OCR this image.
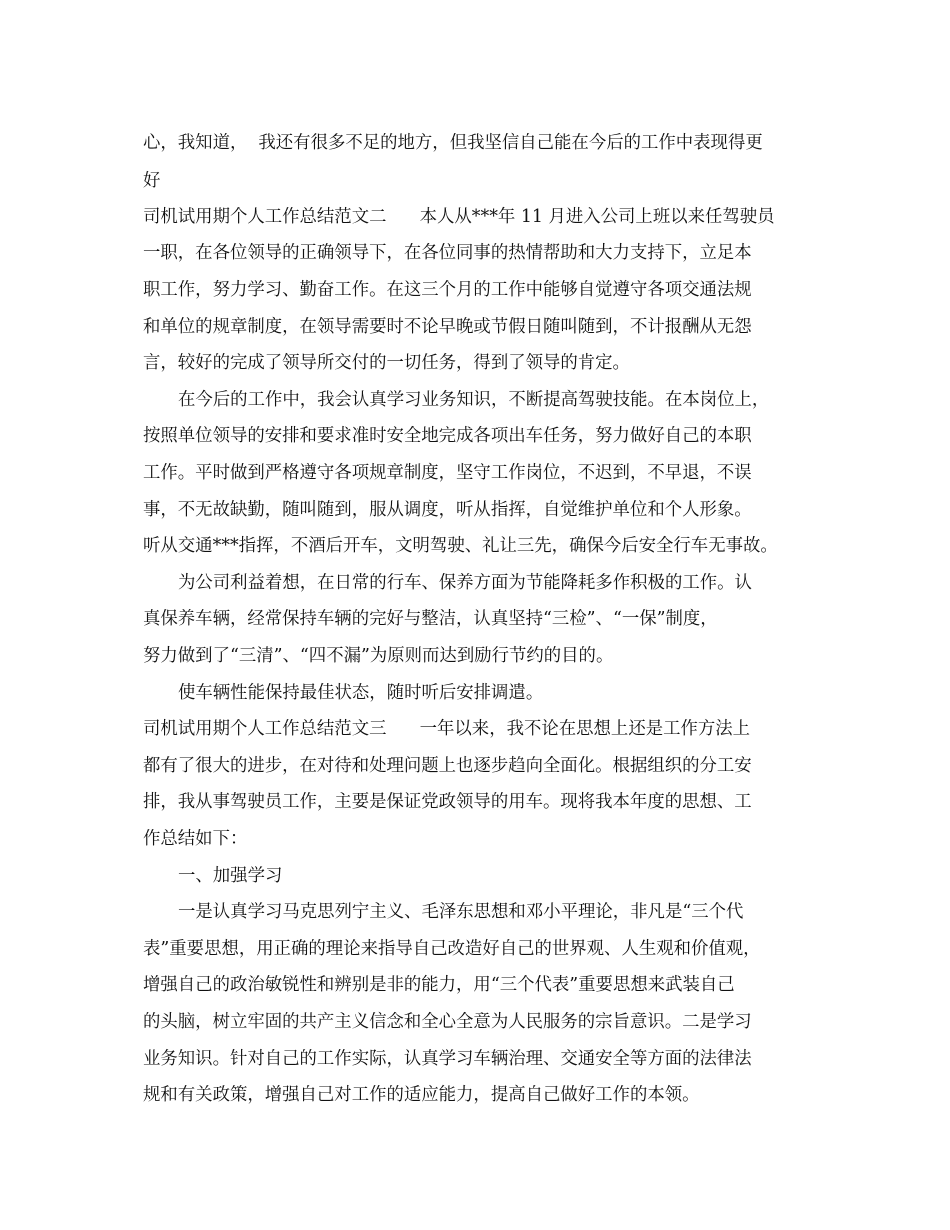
心，我知道，  我还有很多不足的地方，但我坚信自己能在今后的工作中表现得更
好
司机试用期个人工作总结范文二      本人从***年 11 月进入公司上班以来任驾驶员
一职，在各位领导的正确领导下，在各位同事的热情帮助和大力支持下，立足本
职工作，努力学习、勤奋工作。在这三个月的工作中能够自觉遵守各项交通法规
和单位的规章制度，在领导需要时不论早晚或节假日随叫随到，不计报酬从无怨
言，较好的完成了领导所交付的一切任务，得到了领导的肯定。
在今后的工作中，我会认真学习业务知识，不断提高驾驶技能。在本岗位上，
按照单位领导的安排和要求准时安全地完成各项出车任务，努力做好自己的本职
工作。平时做到严格遵守各项规章制度，坚守工作岗位，不迟到，不早退，不误
事，不无故缺勤，随叫随到，服从调度，听从指挥，自觉维护单位和个人形象。
听从交通***指挥，不酒后开车，文明驾驶、礼让三先，确保今后安全行车无事故。
为公司利益着想，在日常的行车、保养方面为节能降耗多作积极的工作。认
真保养车辆，经常保持车辆的完好与整洁，认真坚持“三检”、“一保”制度，
努力做到了“三清”、“四不漏”为原则而达到励行节约的目的。
使车辆性能保持最佳状态，随时听后安排调遣。
司机试用期个人工作总结范文三      一年以来，我不论在思想上还是工作方法上
都有了很大的进步，在对待和处理问题上也逐步趋向全面化。根据组织的分工安
排，我从事驾驶员工作，主要是保证党政领导的用车。现将我本年度的思想、工
作总结如下：
一、加强学习
一是认真学习马克思列宁主义、毛泽东思想和邓小平理论，非凡是“三个代
表”重要思想，用正确的理论来指导自己改造好自己的世界观、人生观和价值观，
增强自己的政治敏锐性和辨别是非的能力，用“三个代表”重要思想来武装自己
的头脑，树立牢固的共产主义信念和全心全意为人民服务的宗旨意识。二是学习
业务知识。针对自己的工作实际，认真学习车辆治理、交通安全等方面的法律法
规和有关政策，增强自己对工作的适应能力，提高自己做好工作的本领。
